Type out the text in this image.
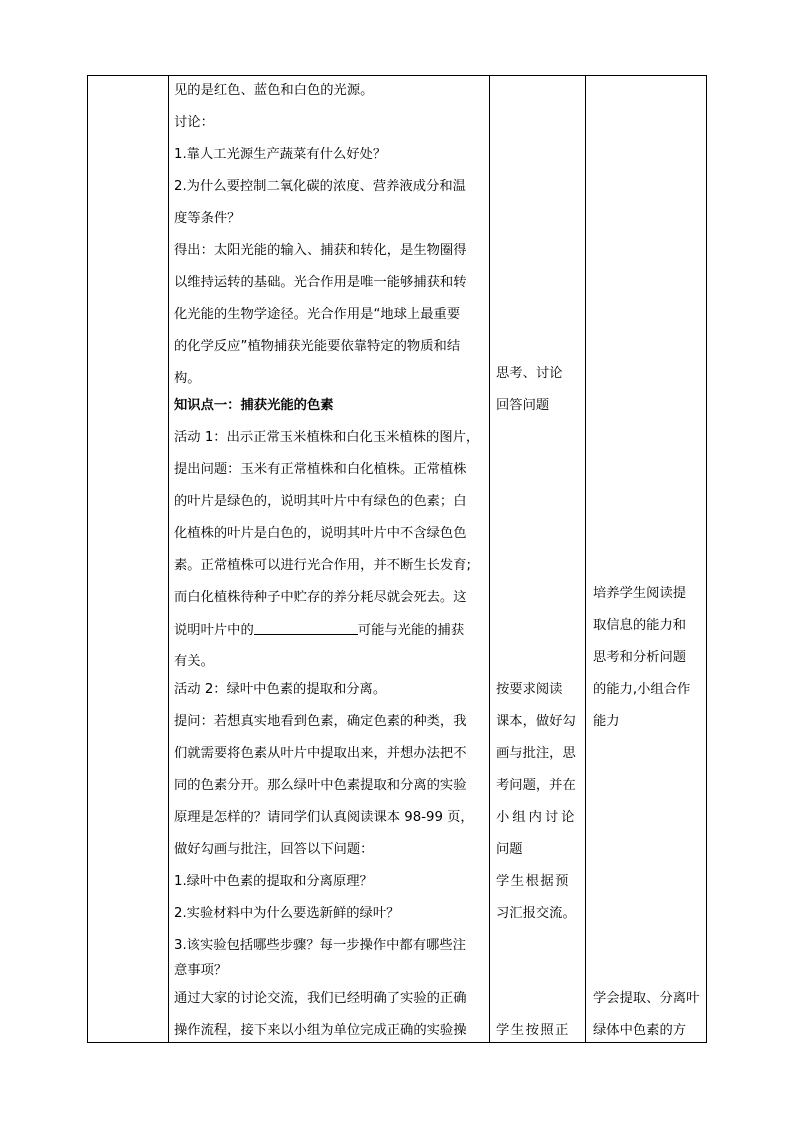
见的是红色、蓝色和白色的光源。
讨论：
1.靠人工光源生产蔬菜有什么好处？
2.为什么要控制二氧化碳的浓度、营养液成分和温
度等条件？
得出：太阳光能的输入、捕获和转化，是生物圈得
以维持运转的基础。光合作用是唯一能够捕获和转
化光能的生物学途径。光合作用是“地球上最重要
的化学反应”植物捕获光能要依靠特定的物质和结
构。
知识点一：捕获光能的色素
活动 1：出示正常玉米植株和白化玉米植株的图片，
提出问题：玉米有正常植株和白化植株。正常植株
的叶片是绿色的，说明其叶片中有绿色的色素；白
化植株的叶片是白色的，说明其叶片中不含绿色色
素。正常植株可以进行光合作用，并不断生长发育;
而白化植株待种子中贮存的养分耗尽就会死去。这
说明叶片中的	可能与光能的捕获
有关。
活动 2：绿叶中色素的提取和分离。
提问：若想真实地看到色素，确定色素的种类，我
们就需要将色素从叶片中提取出来，并想办法把不
同的色素分开。那么绿叶中色素提取和分离的实验
原理是怎样的？请同学们认真阅读课本 98-99 页，
做好勾画与批注，回答以下问题：
1.绿叶中色素的提取和分离原理？
2.实验材料中为什么要选新鲜的绿叶？
3.该实验包括哪些步骤？每一步操作中都有哪些注
意事项？
通过大家的讨论交流，我们已经明确了实验的正确
操作流程，接下来以小组为单位完成正确的实验操
思考、讨论
回答问题
按要求阅读
课本，做好勾
画与批注，思
考问题，并在
小组内讨论
问题
学生根据预
习汇报交流。
学生按照正
培养学生阅读提
取信息的能力和
思考和分析问题
的能力,小组合作
能力
学会提取、分离叶
绿体中色素的方
